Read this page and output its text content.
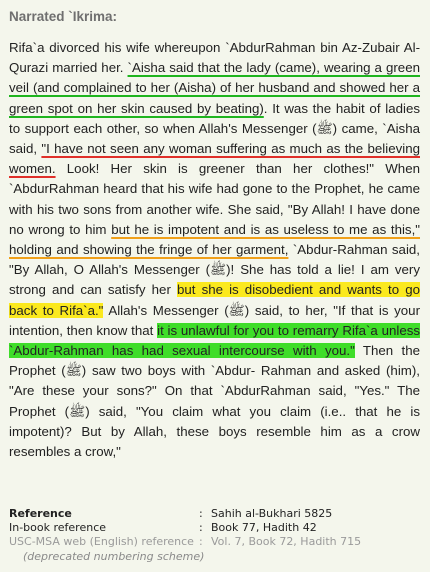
Narrated `Ikrima:

Rifa`a divorced his wife whereupon `AbdurRahman bin Az-Zubair Al-Qurazi married her. `Aisha said that the lady (came), wearing a green veil (and complained to her (Aisha) of her husband and showed her a green spot on her skin caused by beating). It was the habit of ladies to support each other, so when Allah's Messenger (ﷺ) came, `Aisha said, "I have not seen any woman suffering as much as the believing women. Look! Her skin is greener than her clothes!" When `AbdurRahman heard that his wife had gone to the Prophet, he came with his two sons from another wife. She said, "By Allah! I have done no wrong to him but he is impotent and is as useless to me as this," holding and showing the fringe of her garment, `Abdur-Rahman said, "By Allah, O Allah's Messenger (ﷺ)! She has told a lie! I am very strong and can satisfy her but she is disobedient and wants to go back to Rifa`a." Allah's Messenger (ﷺ) said, to her, "If that is your intention, then know that it is unlawful for you to remarry Rifa`a unless `Abdur-Rahman has had sexual intercourse with you." Then the Prophet (ﷺ) saw two boys with `Abdur- Rahman and asked (him), "Are these your sons?" On that `AbdurRahman said, "Yes." The Prophet (ﷺ) said, "You claim what you claim (i.e.. that he is impotent)? But by Allah, these boys resemble him as a crow resembles a crow,"

Reference	: Sahih al-Bukhari 5825
In-book reference	: Book 77, Hadith 42
USC-MSA web (English) reference : Vol. 7, Book 72, Hadith 715
(deprecated numbering scheme)
